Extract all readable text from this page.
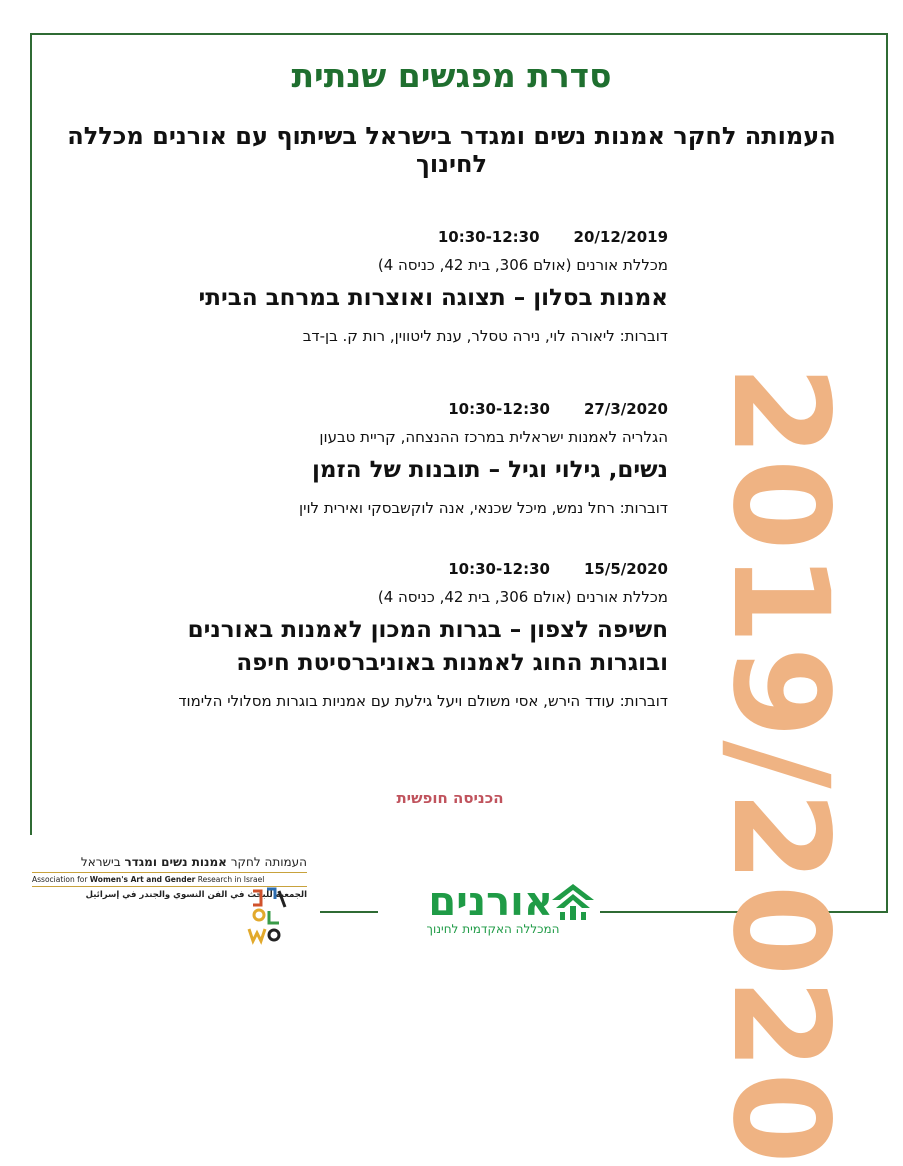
סדרת מפגשים שנתית
העמותה לחקר אמנות נשים ומגדר בישראל בשיתוף עם אורנים מכללה לחינוך
2019/2020
20/12/201910:30-12:30
מכללת אורנים (אולם 306, בית 42, כניסה 4)
אמנות בסלון – תצוגה ואוצרות במרחב הביתי
דוברות: ליאורה לוי, נירה טסלר, ענת ליטווין, רות ק. בן-דב
27/3/202010:30-12:30
הגלריה לאמנות ישראלית במרכז ההנצחה, קריית טבעון
נשים, גילוי וגיל – תובנות של הזמן
דוברות: רחל נמש, מיכל שכנאי, אנה לוקשבסקי ואירית לוין
15/5/202010:30-12:30
מכללת אורנים (אולם 306, בית 42, כניסה 4)
חשיפה לצפון – בגרות המכון לאמנות באורנים ובוגרות החוג לאמנות באוניברסיטת חיפה
דוברות: עודד הירש, אסי משולם ויעל גילעת עם אמניות בוגרות מסלולי הלימוד
הכניסה חופשית
העמותה לחקר אמנות נשים ומגדר בישראל
Association for Women's Art and Gender Research in Israel
الجمعية للبحث في الفن النسوي والجندر في إسرائيل	אורנים
המכללה האקדמית לחינוך
